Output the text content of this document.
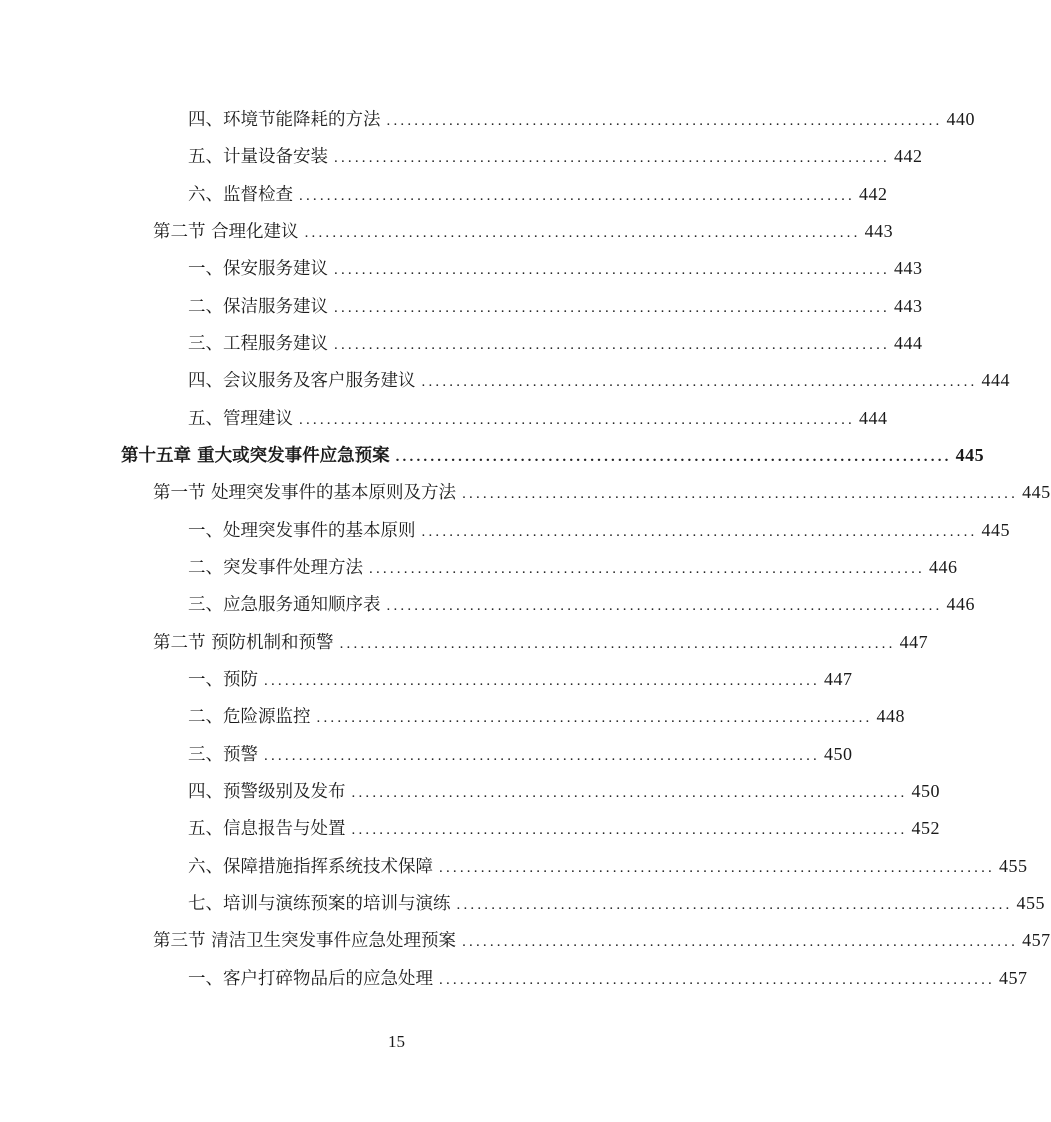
四、环境节能降耗的方法 ................................................................................ 440
五、计量设备安装 ................................................................................ 442
六、监督检查 ................................................................................ 442
第二节 合理化建议 ................................................................................ 443
一、保安服务建议 ................................................................................ 443
二、保洁服务建议 ................................................................................ 443
三、工程服务建议 ................................................................................ 444
四、会议服务及客户服务建议 ................................................................................ 444
五、管理建议 ................................................................................ 444
第十五章 重大或突发事件应急预案 ................................................................................ 445
第一节 处理突发事件的基本原则及方法 ................................................................................ 445
一、处理突发事件的基本原则 ................................................................................ 445
二、突发事件处理方法 ................................................................................ 446
三、应急服务通知顺序表 ................................................................................ 446
第二节 预防机制和预警 ................................................................................ 447
一、预防 ................................................................................ 447
二、危险源监控 ................................................................................ 448
三、预警 ................................................................................ 450
四、预警级别及发布 ................................................................................ 450
五、信息报告与处置 ................................................................................ 452
六、保障措施指挥系统技术保障 ................................................................................ 455
七、培训与演练预案的培训与演练 ................................................................................ 455
第三节 清洁卫生突发事件应急处理预案 ................................................................................ 457
一、客户打碎物品后的应急处理 ................................................................................ 457
15
